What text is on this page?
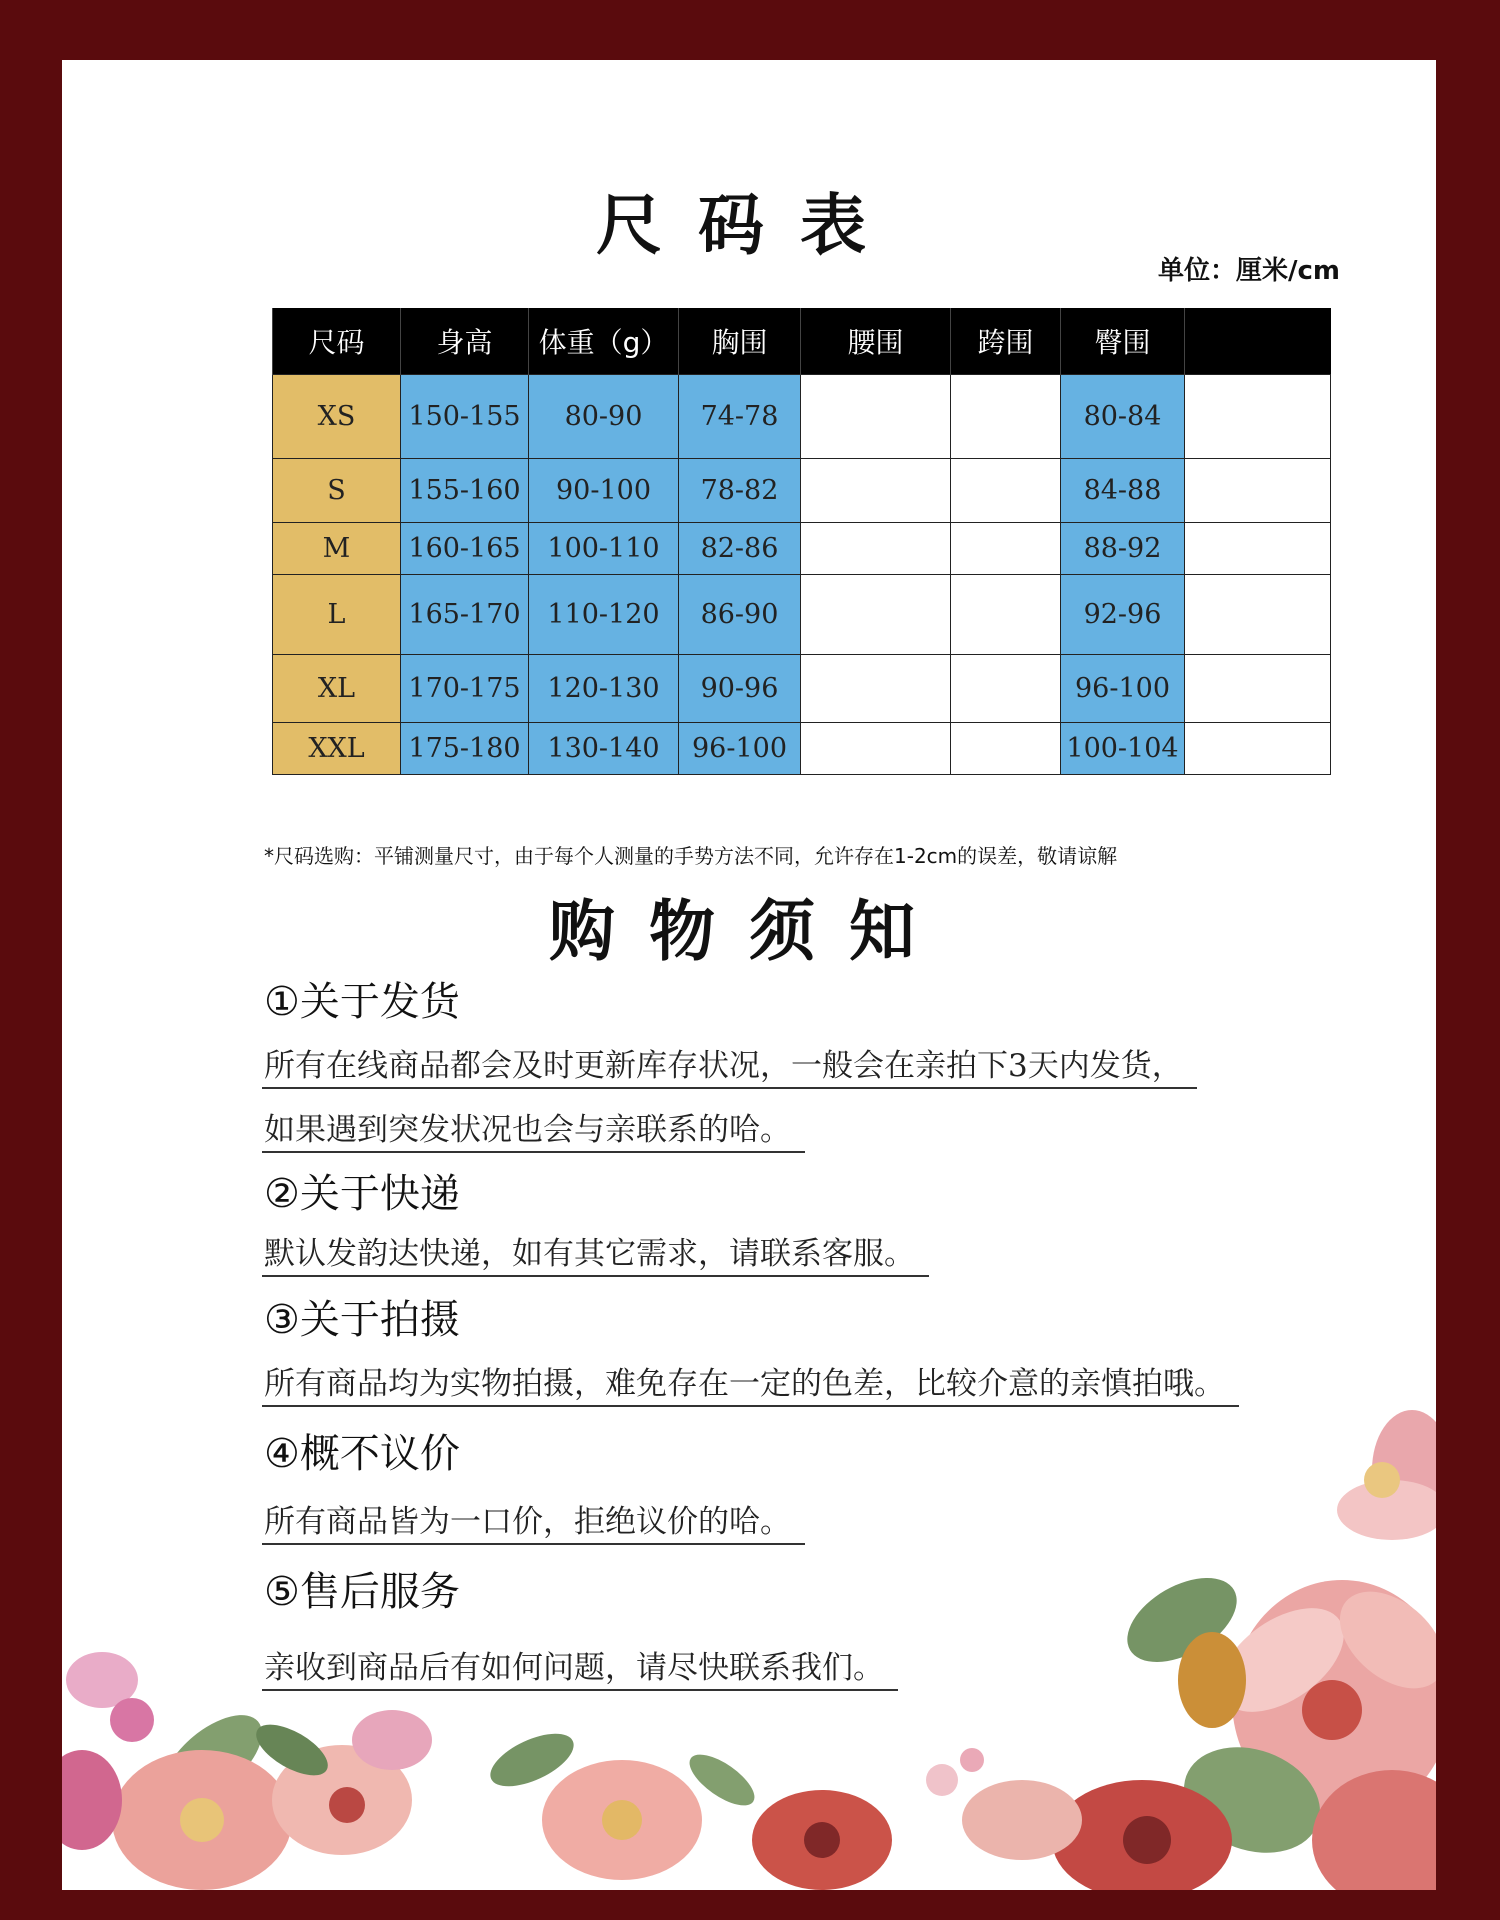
尺码表
单位：厘米/cm
尺码	身高	体重（g）	胸围	腰围	跨围	臀围	
XS	150-155	80-90	74-78			80-84	
S	155-160	90-100	78-82			84-88	
M	160-165	100-110	82-86			88-92	
L	165-170	110-120	86-90			92-96	
XL	170-175	120-130	90-96			96-100	
XXL	175-180	130-140	96-100			100-104	
*尺码选购：平铺测量尺寸，由于每个人测量的手势方法不同，允许存在1-2cm的误差，敬请谅解
购物须知
①关于发货
所有在线商品都会及时更新库存状况，一般会在亲拍下3天内发货，
如果遇到突发状况也会与亲联系的哈。
②关于快递
默认发韵达快递，如有其它需求，请联系客服。
③关于拍摄
所有商品均为实物拍摄，难免存在一定的色差，比较介意的亲慎拍哦。
④概不议价
所有商品皆为一口价，拒绝议价的哈。
⑤售后服务
亲收到商品后有如何问题，请尽快联系我们。
